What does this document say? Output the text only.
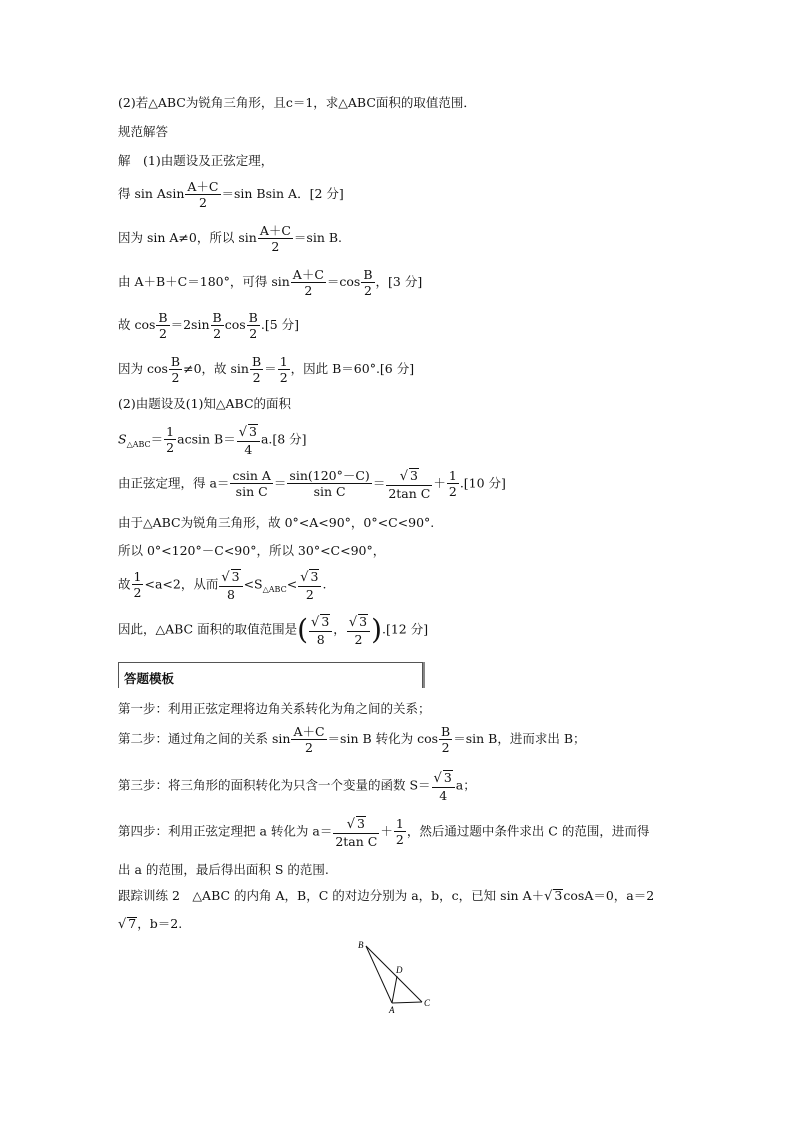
(2)若△ABC为锐角三角形，且c＝1，求△ABC面积的取值范围．
规范解答
解　(1)由题设及正弦定理，
得 sin Asin $\frac{A+C}{2} =\sin$ Bsin A．[2 分]
因为 sin A≠0，所以 $\sin \frac{A+C}{2} =\sin$ B.
由 A＋B＋C＝180°，可得 $\sin \frac{A+C}{2} =\cos \frac{B}{2}$ ，[3 分]
故 $\cos \frac{B}{2} =2\sin \frac{B}{2}$ $\cos \frac{B}{2} .[5$ 分]
因为 $\cos \frac{B}{2} \ne 0$，故 $\sin \frac{B}{2} = \frac{1}{2}$ ，因此 B＝60°.[6 分]
(2)由题设及(1)知△ABC的面积
$S_{\triangle ABC}= \frac{1}{2}$ acsin $B= \frac{√ 3}{4} a.[8$ 分]
由正弦定理，得 $a= \frac{\text{csin A}}{\text{sin C}} = \frac{\sin(120^\circ-C)}{\text{sin C}} = \frac{√ 3}{\text{2tan C}} + \frac{1}{2} .[10$ 分]
由于△ABC为锐角三角形，故 0°<A<90°，0°<C<90°.
所以 0°<120°－C<90°，所以 30°<C<90°，
故 $\frac{1}{2} <a<2$，从而 $\frac{√ 3}{8} <S_{\triangle ABC}< \frac{√ 3}{2}$ .
因此，△ABC 面积的取值范围是( $\frac{√ 3}{8}$ ， $\frac{√ 3}{2} ).[12$ 分]
答题模板
第一步：利用正弦定理将边角关系转化为角之间的关系；
第二步：通过角之间的关系 $\sin \frac{A+C}{2} =\sin$ B 转化为 $\cos \frac{B}{2} =\sin$ B，进而求出 B；
第三步：将三角形的面积转化为只含一个变量的函数 $S= \frac{√ 3}{4}$ a；
第四步：利用正弦定理把 a 转化为 $a= \frac{√ 3}{\text{2tan C}} + \frac{1}{2}$ ，然后通过题中条件求出 C 的范围，进而得
出 a 的范围，最后得出面积 S 的范围.
跟踪训练 2　△ABC 的内角 A，B，C 的对边分别为 a，b，c，已知 sin A＋√ 3cosA＝0，a＝2
√ 7，b＝2.
B
D
A
C
